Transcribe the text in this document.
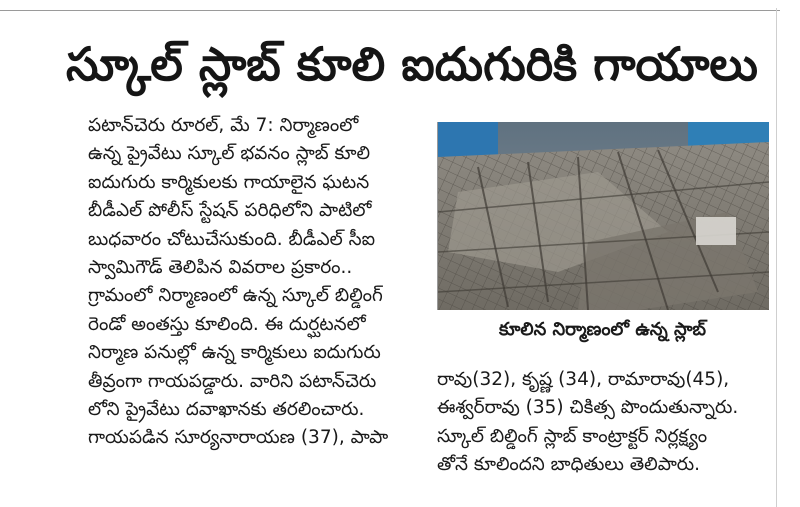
స్కూల్ స్లాబ్ కూలి ఐదుగురికి గాయాలు

పటాన్‌చెరు రూరల్, మే 7: నిర్మాణంలో

ఉన్న ప్రైవేటు స్కూల్ భవనం స్లాబ్ కూలి

ఐదుగురు కార్మికులకు గాయాలైన ఘటన

బీడీఎల్ పోలీస్ స్టేషన్ పరిధిలోని పాటిలో

బుధవారం చోటుచేసుకుంది. బీడీఎల్ సీఐ

స్వామిగౌడ్ తెలిపిన వివరాల ప్రకారం..

గ్రామంలో నిర్మాణంలో ఉన్న స్కూల్ బిల్డింగ్

రెండో అంతస్తు కూలింది. ఈ దుర్ఘటనలో

నిర్మాణ పనుల్లో ఉన్న కార్మికులు ఐదుగురు

తీవ్రంగా గాయపడ్డారు. వారిని పటాన్‌చెరు

లోని ప్రైవేటు దవాఖానకు తరలించారు.

గాయపడిన సూర్యనారాయణ (37), పాపా

కూలిన నిర్మాణంలో ఉన్న స్లాబ్

రావు(32), కృష్ణ (34), రామారావు(45),

ఈశ్వర్‌రావు (35) చికిత్స పొందుతున్నారు.

స్కూల్ బిల్డింగ్ స్లాబ్ కాంట్రాక్టర్ నిర్లక్ష్యం

తోనే కూలిందని బాధితులు తెలిపారు.
